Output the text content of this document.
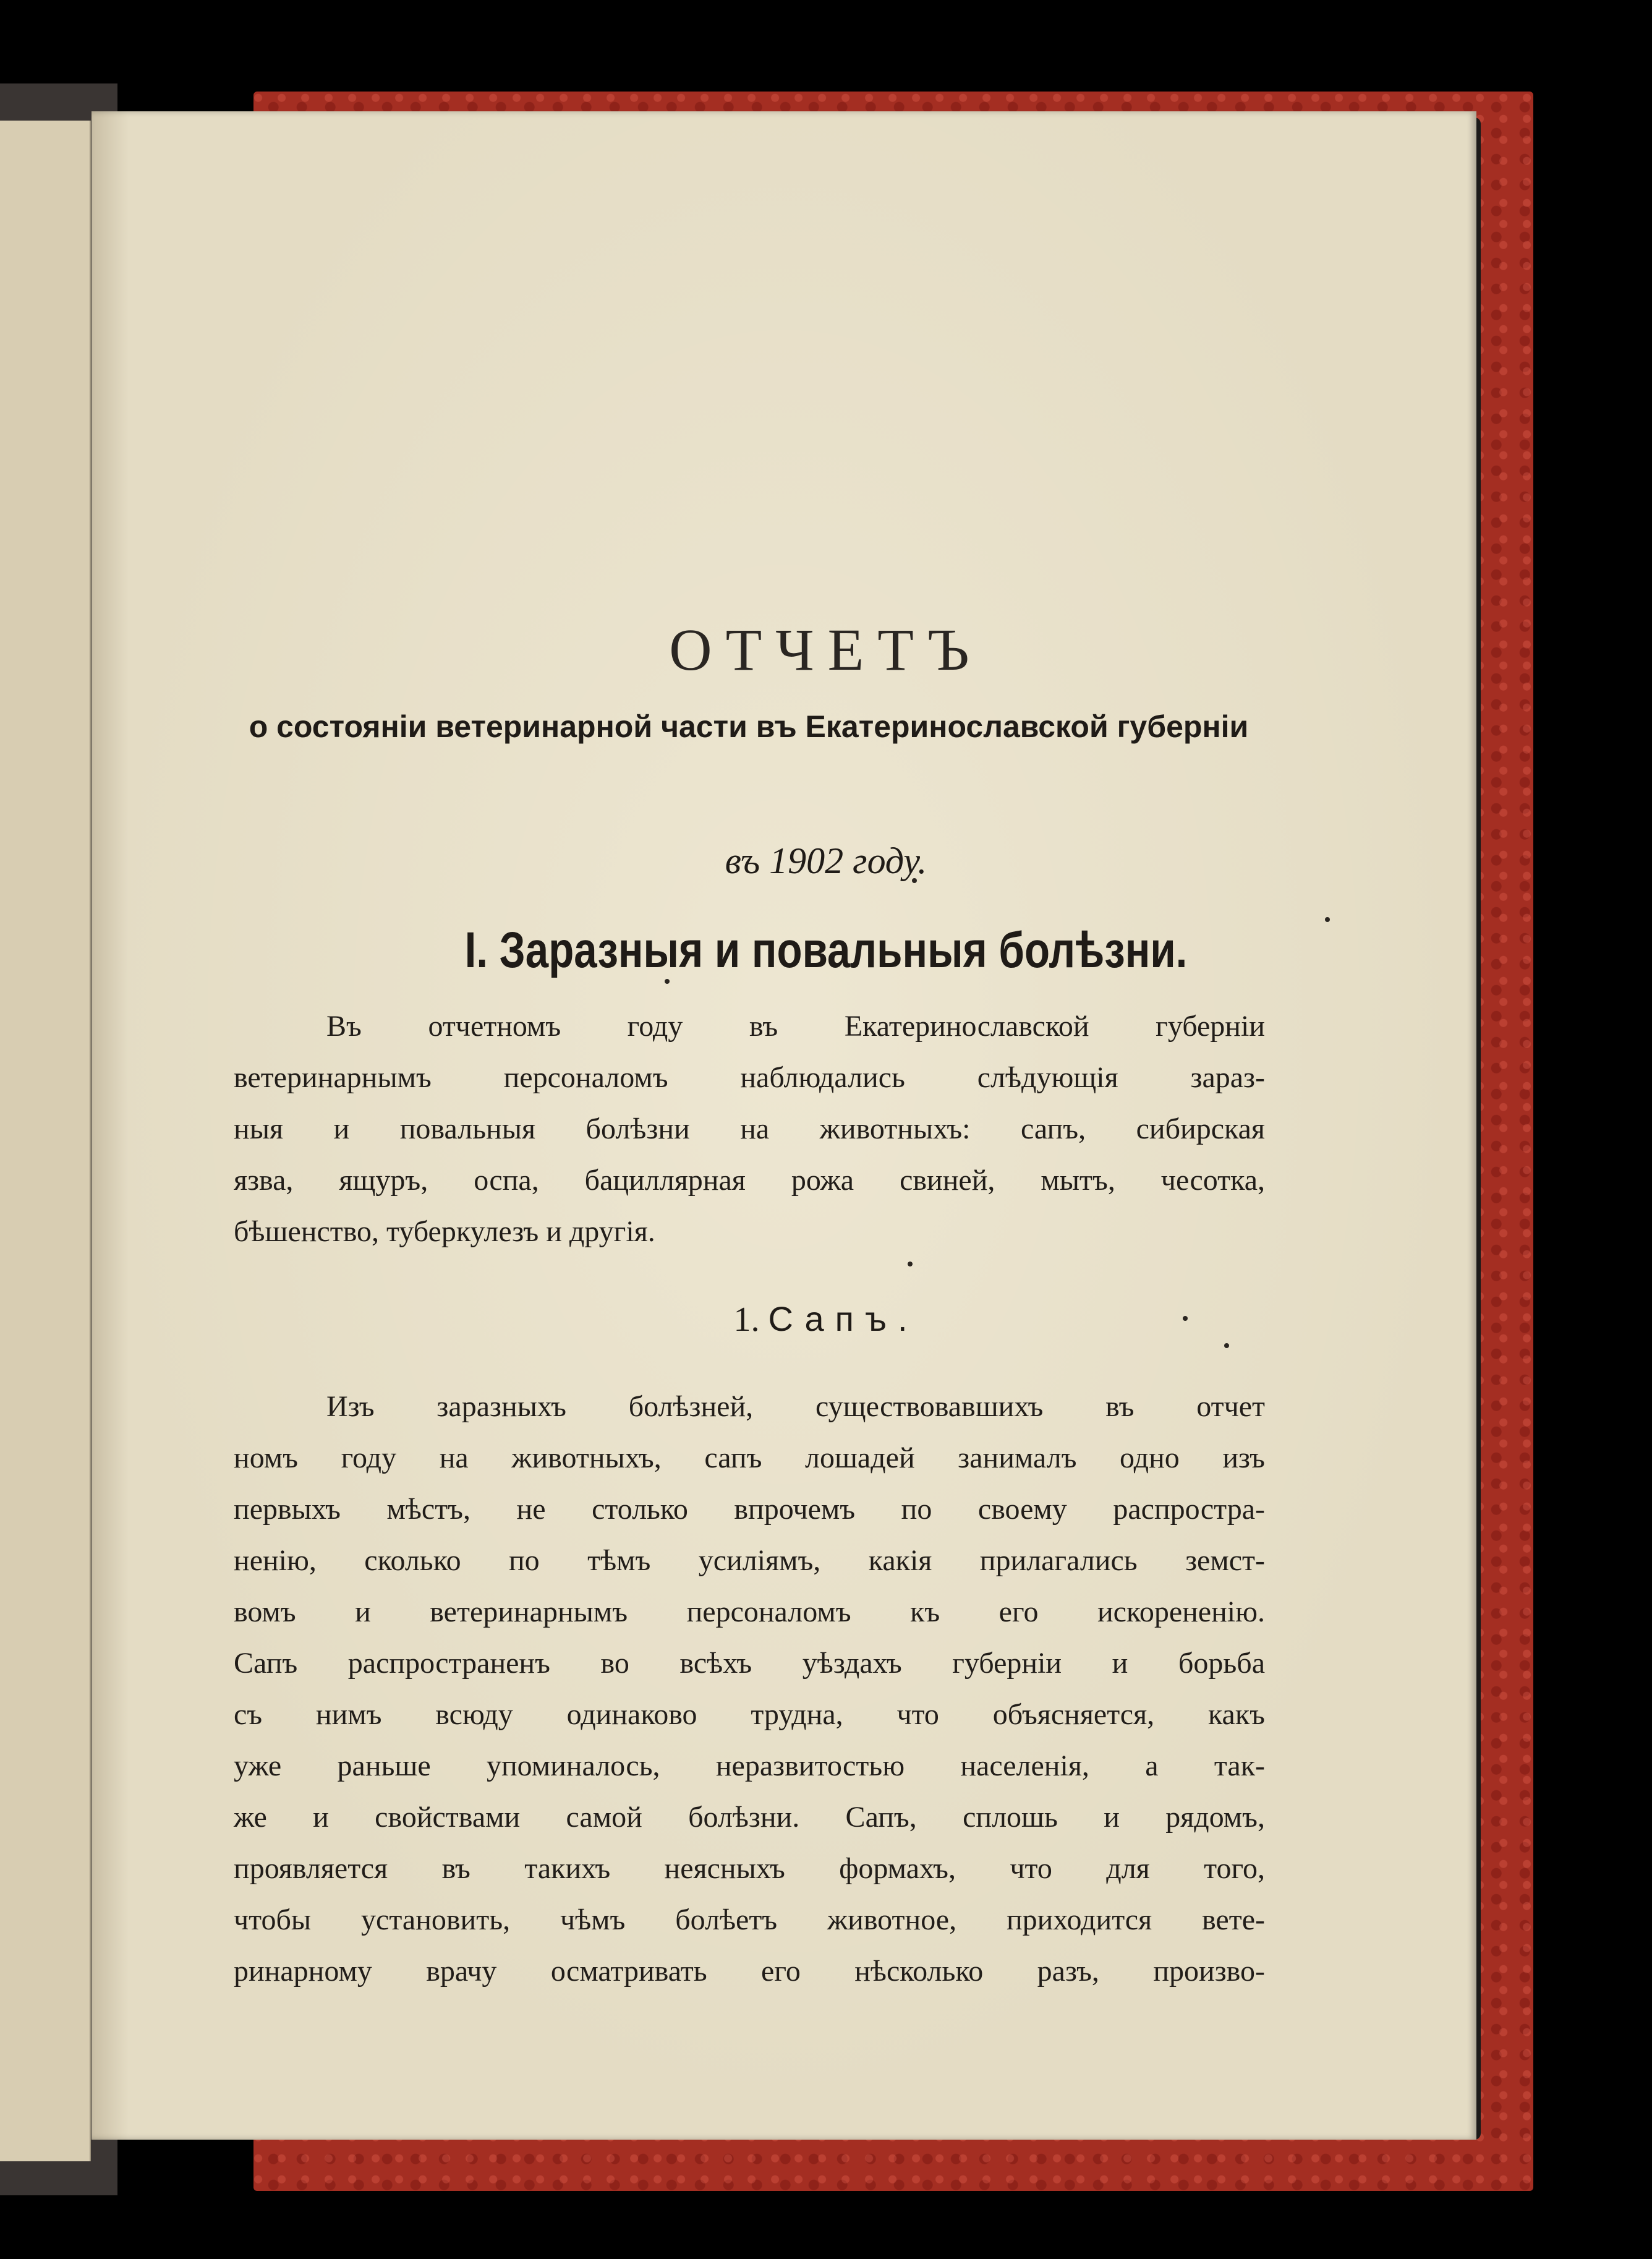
ОТЧЕТЪ
о состояніи ветеринарной части въ Екатеринославской губерніи
въ 1902 году.
I. Заразныя и повальныя болѣзни.
Въ отчетномъ году въ Екатеринославской губерніи
ветеринарнымъ персоналомъ наблюдались слѣдующія зараз-
ныя и повальныя болѣзни на животныхъ: сапъ, сибирская
язва, ящуръ, оспа, бациллярная рожа свиней, мытъ, чесотка,
бѣшенство, туберкулезъ и другія.
1. Сапъ.
Изъ заразныхъ болѣзней, существовавшихъ въ отчет
номъ году на животныхъ, сапъ лошадей занималъ одно изъ
первыхъ мѣстъ, не столько впрочемъ по своему распростра-
ненію, сколько по тѣмъ усиліямъ, какія прилагались земст-
вомъ и ветеринарнымъ персоналомъ къ его искорененію.
Сапъ распространенъ во всѣхъ уѣздахъ губерніи и борьба
съ нимъ всюду одинаково трудна, что объясняется, какъ
уже раньше упоминалось, неразвитостью населенія, а так-
же и свойствами самой болѣзни. Сапъ, сплошь и рядомъ,
проявляется въ такихъ неясныхъ формахъ, что для того,
чтобы установить, чѣмъ болѣетъ животное, приходится вете-
ринарному врачу осматривать его нѣсколько разъ, произво-
